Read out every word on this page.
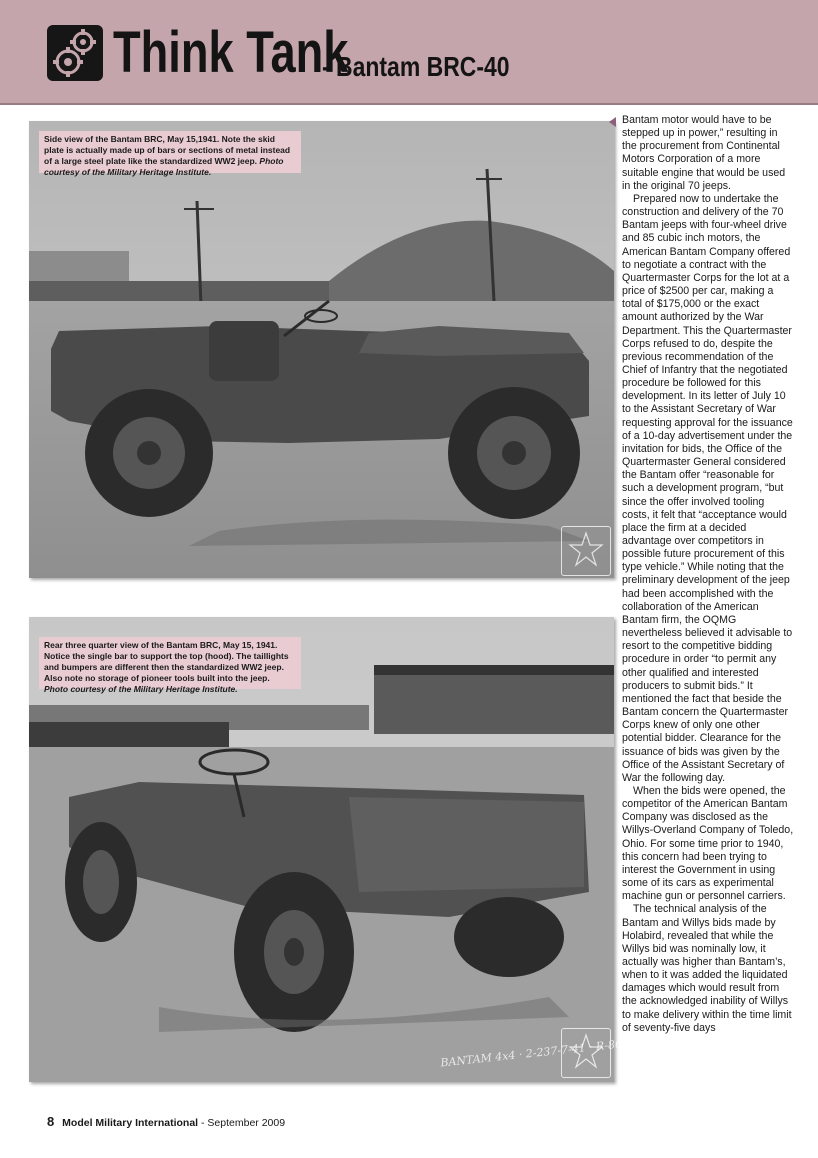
Think Tank
- Bantam BRC-40
Side view of the Bantam BRC, May 15,1941. Note the skid plate is actually made up of bars or sections of metal instead of a large steel plate like the standardized WW2 jeep. Photo courtesy of the Military Heritage Institute.
Rear three quarter view of the Bantam BRC, May 15, 1941. Notice the single bar to support the top (hood). The taillights and bumpers are different then the standardized WW2 jeep. Also note no storage of pioneer tools built into the jeep. Photo courtesy of the Military Heritage Institute.
BANTAM 4x4 · 2-237-7-41 · R-86

Bantam motor would have to be stepped up in power,” resulting in the procurement from Continental Motors Corporation of a more suitable engine that would be used in the original 70 jeeps.

Prepared now to undertake the construction and delivery of the 70 Bantam jeeps with four-wheel drive and 85 cubic inch motors, the American Bantam Company offered to negotiate a contract with the Quartermaster Corps for the lot at a price of $2500 per car, making a total of $175,000 or the exact amount authorized by the War Department. This the Quartermaster Corps refused to do, despite the previous recommendation of the Chief of Infantry that the negotiated procedure be followed for this development. In its letter of July 10 to the Assistant Secretary of War requesting approval for the issuance of a 10-day advertisement under the invitation for bids, the Office of the Quartermaster General considered the Bantam offer “reasonable for such a development program, “but since the offer involved tooling costs, it felt that “acceptance would place the firm at a decided advantage over competitors in possible future procurement of this type vehicle.” While noting that the preliminary development of the jeep had been accomplished with the collaboration of the American Bantam firm, the OQMG nevertheless believed it advisable to resort to the competitive bidding procedure in order “to permit any other qualified and interested producers to submit bids.” It mentioned the fact that beside the Bantam concern the Quartermaster Corps knew of only one other potential bidder. Clearance for the issuance of bids was given by the Office of the Assistant Secretary of War the following day.

When the bids were opened, the competitor of the American Bantam Company was disclosed as the Willys-Overland Company of Toledo, Ohio. For some time prior to 1940, this concern had been trying to interest the Government in using some of its cars as experimental machine gun or personnel carriers.

The technical analysis of the Bantam and Willys bids made by Holabird, revealed that while the Willys bid was nominally low, it actually was higher than Bantam’s, when to it was added the liquidated damages which would result from the acknowledged inability of Willys to make delivery within the time limit of seventy-five days

8 Model Military International - September 2009
